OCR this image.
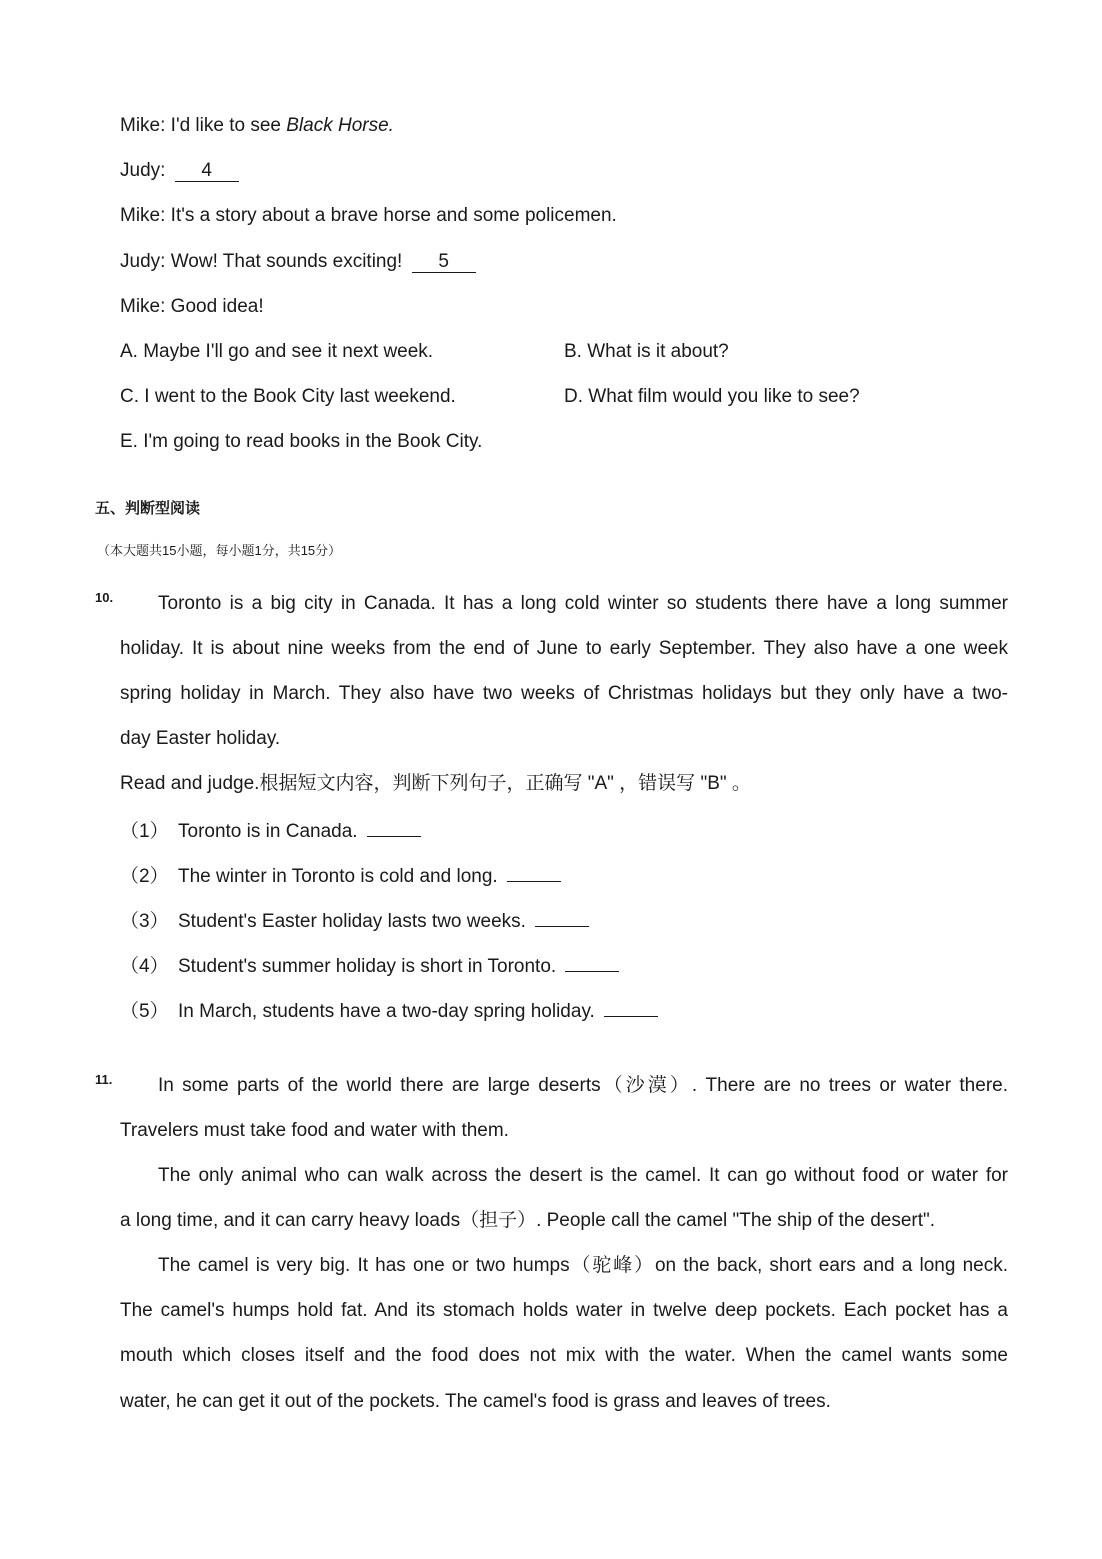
Mike: I'd like to see Black Horse.
Judy: 4
Mike: It's a story about a brave horse and some policemen.
Judy: Wow! That sounds exciting! 5
Mike: Good idea!
A. Maybe I'll go and see it next week.	B. What is it about?
C. I went to the Book City last weekend.	D. What film would you like to see?
E. I'm going to read books in the Book City.
五、判断型阅读
（本大题共15小题，每小题1分，共15分）
10. Toronto is a big city in Canada. It has a long cold winter so students there have a long summer
holiday. It is about nine weeks from the end of June to early September. They also have a one week
spring holiday in March. They also have two weeks of Christmas holidays but they only have a two-
day Easter holiday.
Read and judge.根据短文内容，判断下列句子，正确写 "A" ，错误写 "B" 。
（1） Toronto is in Canada.
（2） The winter in Toronto is cold and long.
（3） Student's Easter holiday lasts two weeks.
（4） Student's summer holiday is short in Toronto.
（5） In March, students have a two-day spring holiday.
11. In some parts of the world there are large deserts（沙漠）. There are no trees or water there.
Travelers must take food and water with them.
The only animal who can walk across the desert is the camel. It can go without food or water for
a long time, and it can carry heavy loads（担子）. People call the camel "The ship of the desert".
The camel is very big. It has one or two humps（驼峰）on the back, short ears and a long neck.
The camel's humps hold fat. And its stomach holds water in twelve deep pockets. Each pocket has a
mouth which closes itself and the food does not mix with the water. When the camel wants some
water, he can get it out of the pockets. The camel's food is grass and leaves of trees.
